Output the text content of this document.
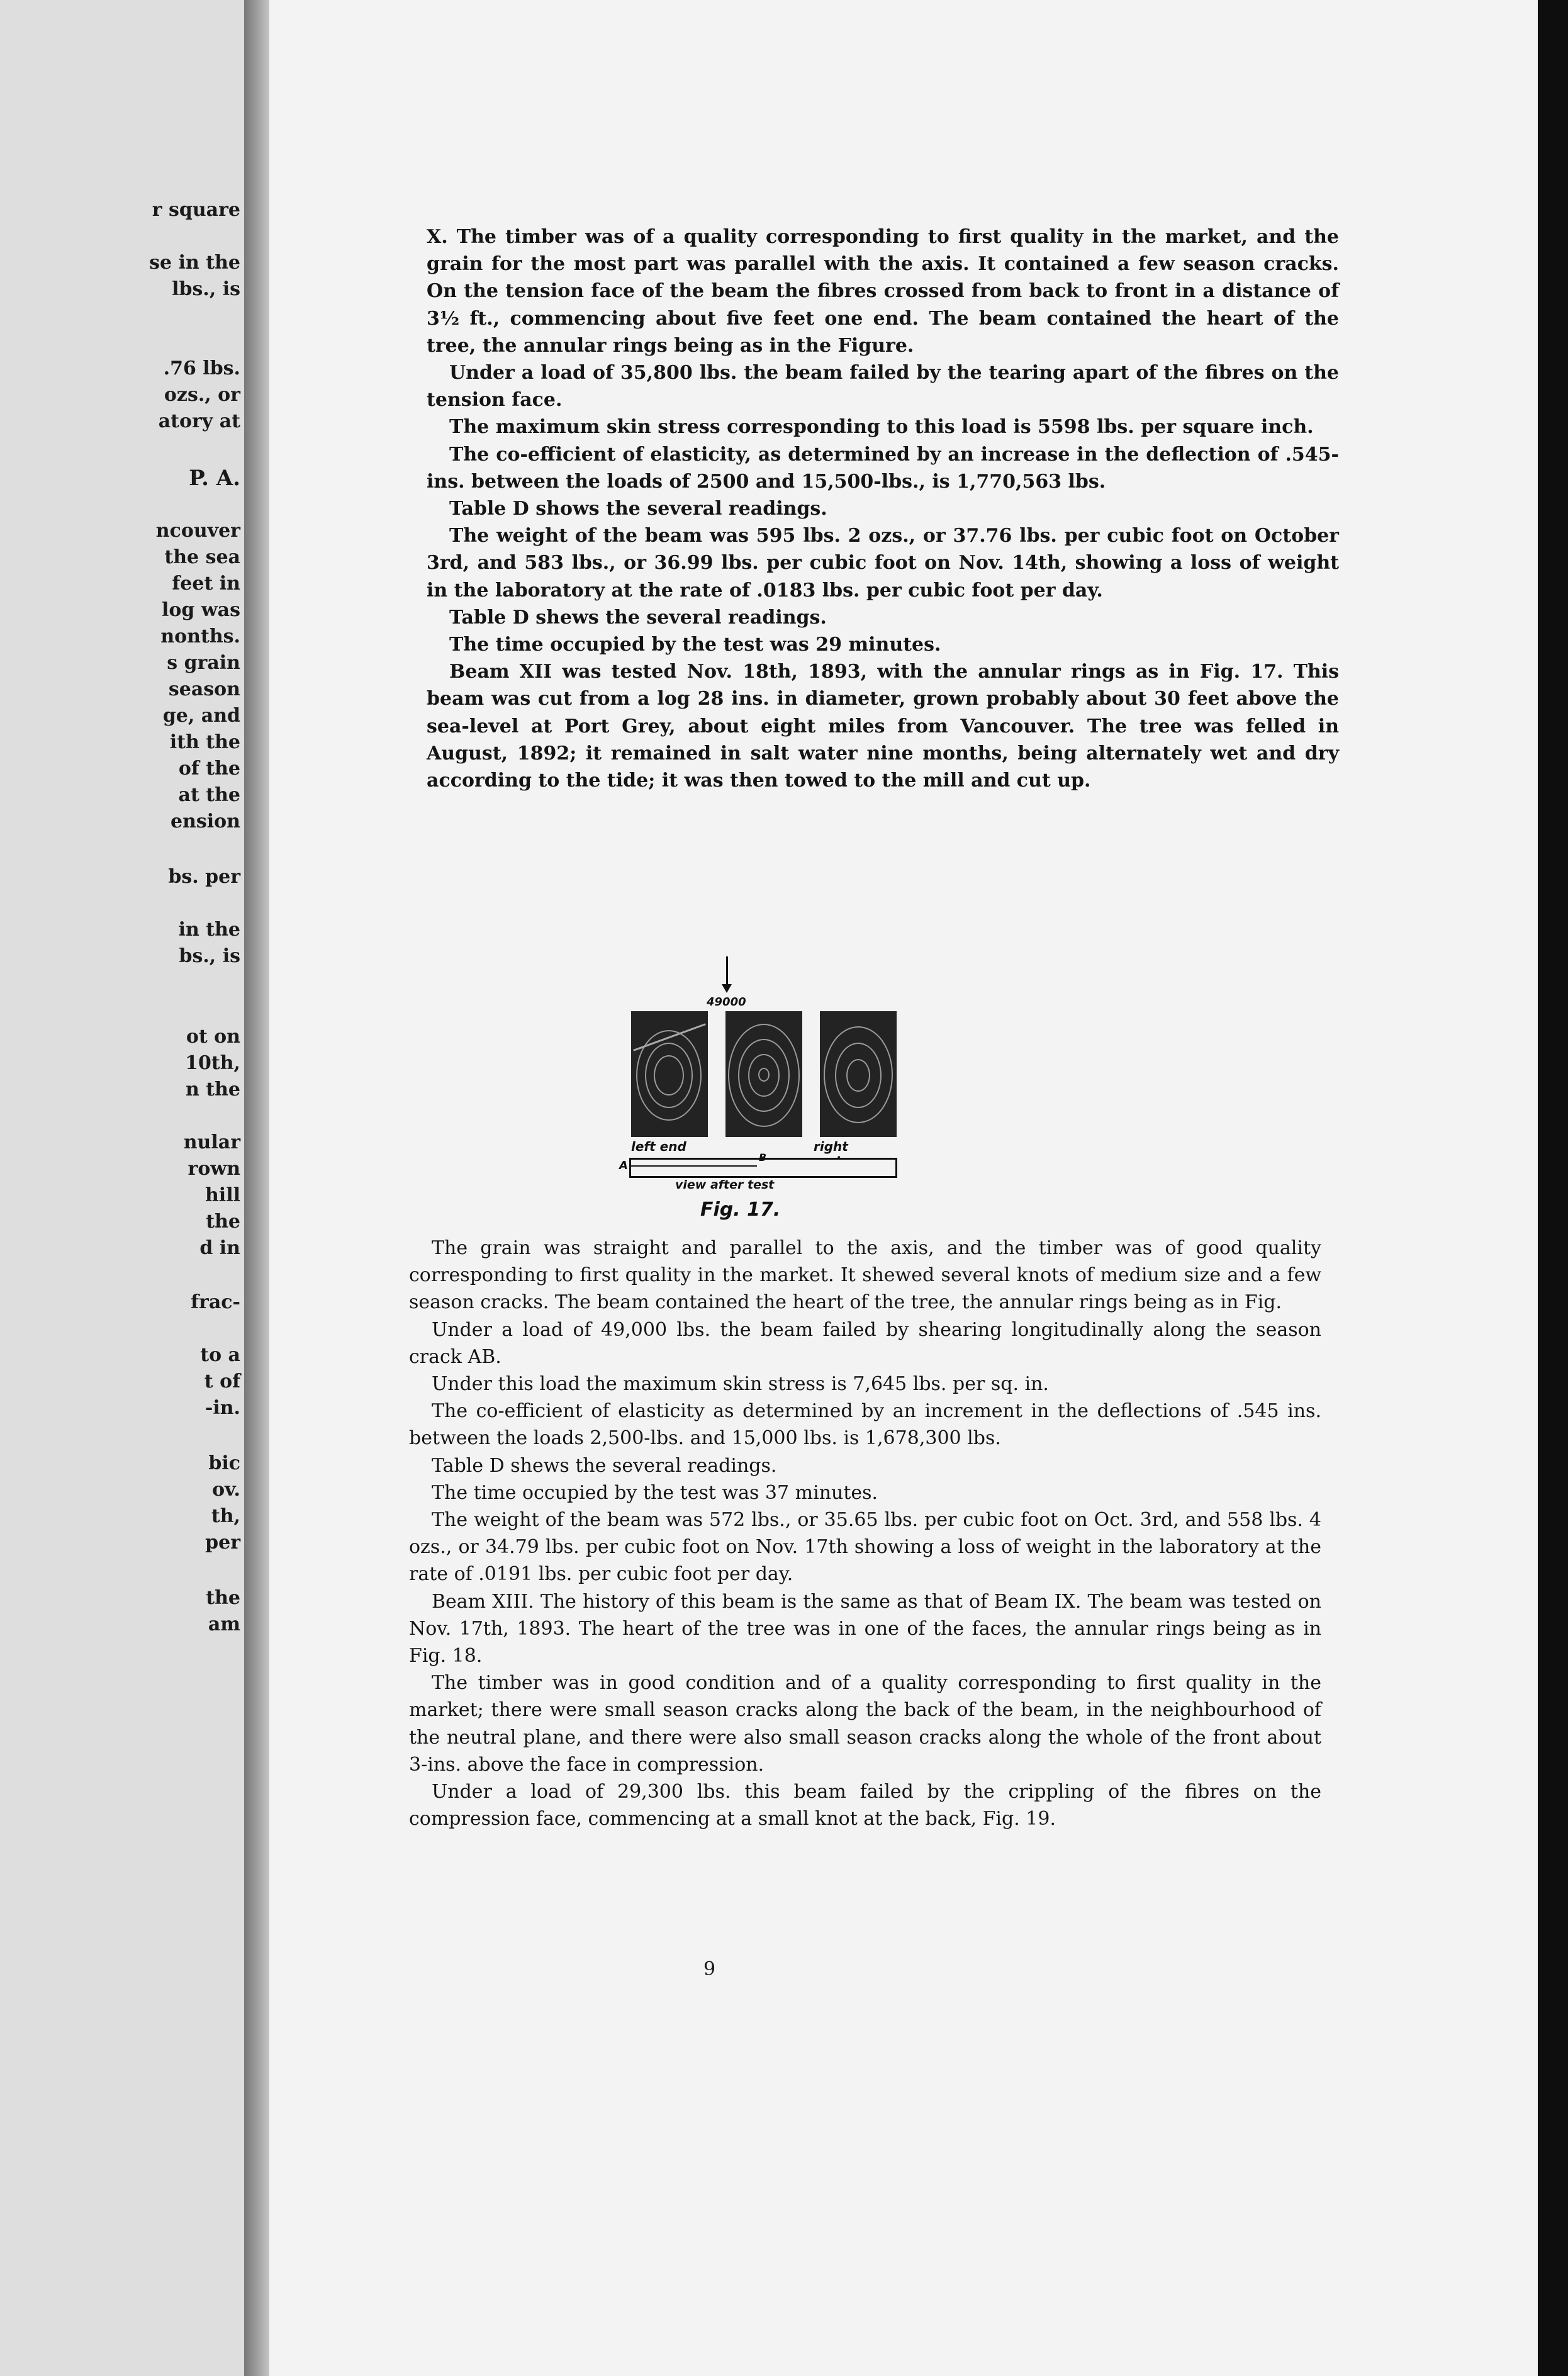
r square
se in the
lbs., is
.76 lbs.
ozs., or
atory at
P. A.
ncouver
the sea
feet in
log was
nonths.
s grain
season
ge, and
ith the
of the
at the
ension
bs. per
in the
bs., is
ot on
10th,
n the
nular
rown
hill
the
d in
frac-
to a
t of
-in.
bic
ov.
th,
per
the
am

X. The timber was of a quality corresponding to first quality in the market, and the grain for the most part was parallel with the axis. It contained a few season cracks. On the tension face of the beam the fibres crossed from back to front in a distance of 3½ ft., commencing about five feet one end. The beam contained the heart of the tree, the annular rings being as in the Figure.

Under a load of 35,800 lbs. the beam failed by the tearing apart of the fibres on the tension face.

The maximum skin stress corresponding to this load is 5598 lbs. per square inch.

The co-efficient of elasticity, as determined by an increase in the deflection of .545-ins. between the loads of 2500 and 15,500-lbs., is 1,770,563 lbs.

Table D shows the several readings.

The weight of the beam was 595 lbs. 2 ozs., or 37.76 lbs. per cubic foot on October 3rd, and 583 lbs., or 36.99 lbs. per cubic foot on Nov. 14th, showing a loss of weight in the laboratory at the rate of .0183 lbs. per cubic foot per day.

Table D shews the several readings.

The time occupied by the test was 29 minutes.

Beam XII was tested Nov. 18th, 1893, with the annular rings as in Fig. 17. This beam was cut from a log 28 ins. in diameter, grown probably about 30 feet above the sea-level at Port Grey, about eight miles from Vancouver. The tree was felled in August, 1892; it remained in salt water nine months, being alternately wet and dry according to the tide; it was then towed to the mill and cut up.

49000
left end	right
A
B
view after test
Fig. 17.

The grain was straight and parallel to the axis, and the timber was of good quality corresponding to first quality in the market. It shewed several knots of medium size and a few season cracks. The beam contained the heart of the tree, the annular rings being as in Fig.

Under a load of 49,000 lbs. the beam failed by shearing longitudinally along the season crack AB.

Under this load the maximum skin stress is 7,645 lbs. per sq. in.

The co-efficient of elasticity as determined by an increment in the deflections of .545 ins. between the loads 2,500-lbs. and 15,000 lbs. is 1,678,300 lbs.

Table D shews the several readings.

The time occupied by the test was 37 minutes.

The weight of the beam was 572 lbs., or 35.65 lbs. per cubic foot on Oct. 3rd, and 558 lbs. 4 ozs., or 34.79 lbs. per cubic foot on Nov. 17th showing a loss of weight in the laboratory at the rate of .0191 lbs. per cubic foot per day.

Beam XIII. The history of this beam is the same as that of Beam IX. The beam was tested on Nov. 17th, 1893. The heart of the tree was in one of the faces, the annular rings being as in Fig. 18.

The timber was in good condition and of a quality corresponding to first quality in the market; there were small season cracks along the back of the beam, in the neighbourhood of the neutral plane, and there were also small season cracks along the whole of the front about 3-ins. above the face in compression.

Under a load of 29,300 lbs. this beam failed by the crippling of the fibres on the compression face, commencing at a small knot at the back, Fig. 19.

9
